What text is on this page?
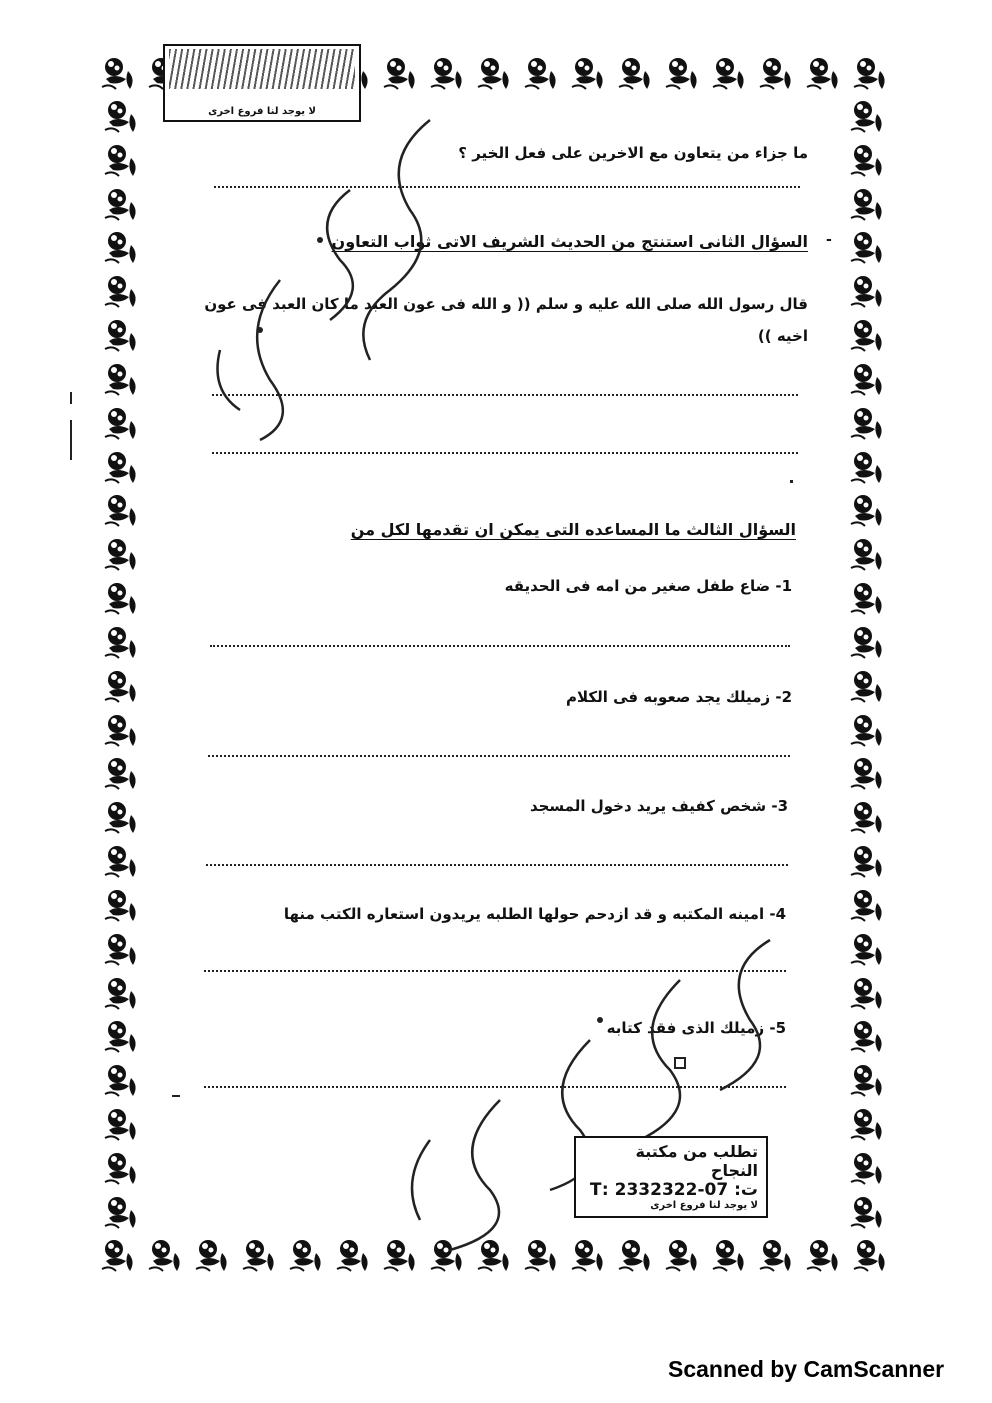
لا يوجد لنا فروع اخرى
ما جزاء من يتعاون مع الاخرين على فعل الخير ؟
-
السؤال الثانى استنتج من الحديث الشريف الاتى ثواب التعاون
قال رسول الله صلى الله عليه و سلم (( و الله فى عون العبد ما كان العبد فى عون
اخيه ))
السؤال الثالث ما المساعده التى يمكن ان تقدمها لكل من
1- ضاع طفل صغير من امه فى الحديقه
2- زميلك يجد صعوبه فى الكلام
3- شخص كفيف يريد دخول المسجد
4- امينه المكتبه و قد ازدحم حولها الطلبه يريدون استعاره الكتب منها
5- زميلك الذى فقد كتابه
تطلب من مكتبة النجاح
ت: 07-2332322 :T
لا يوجد لنا فروع اخرى
Scanned by CamScanner
